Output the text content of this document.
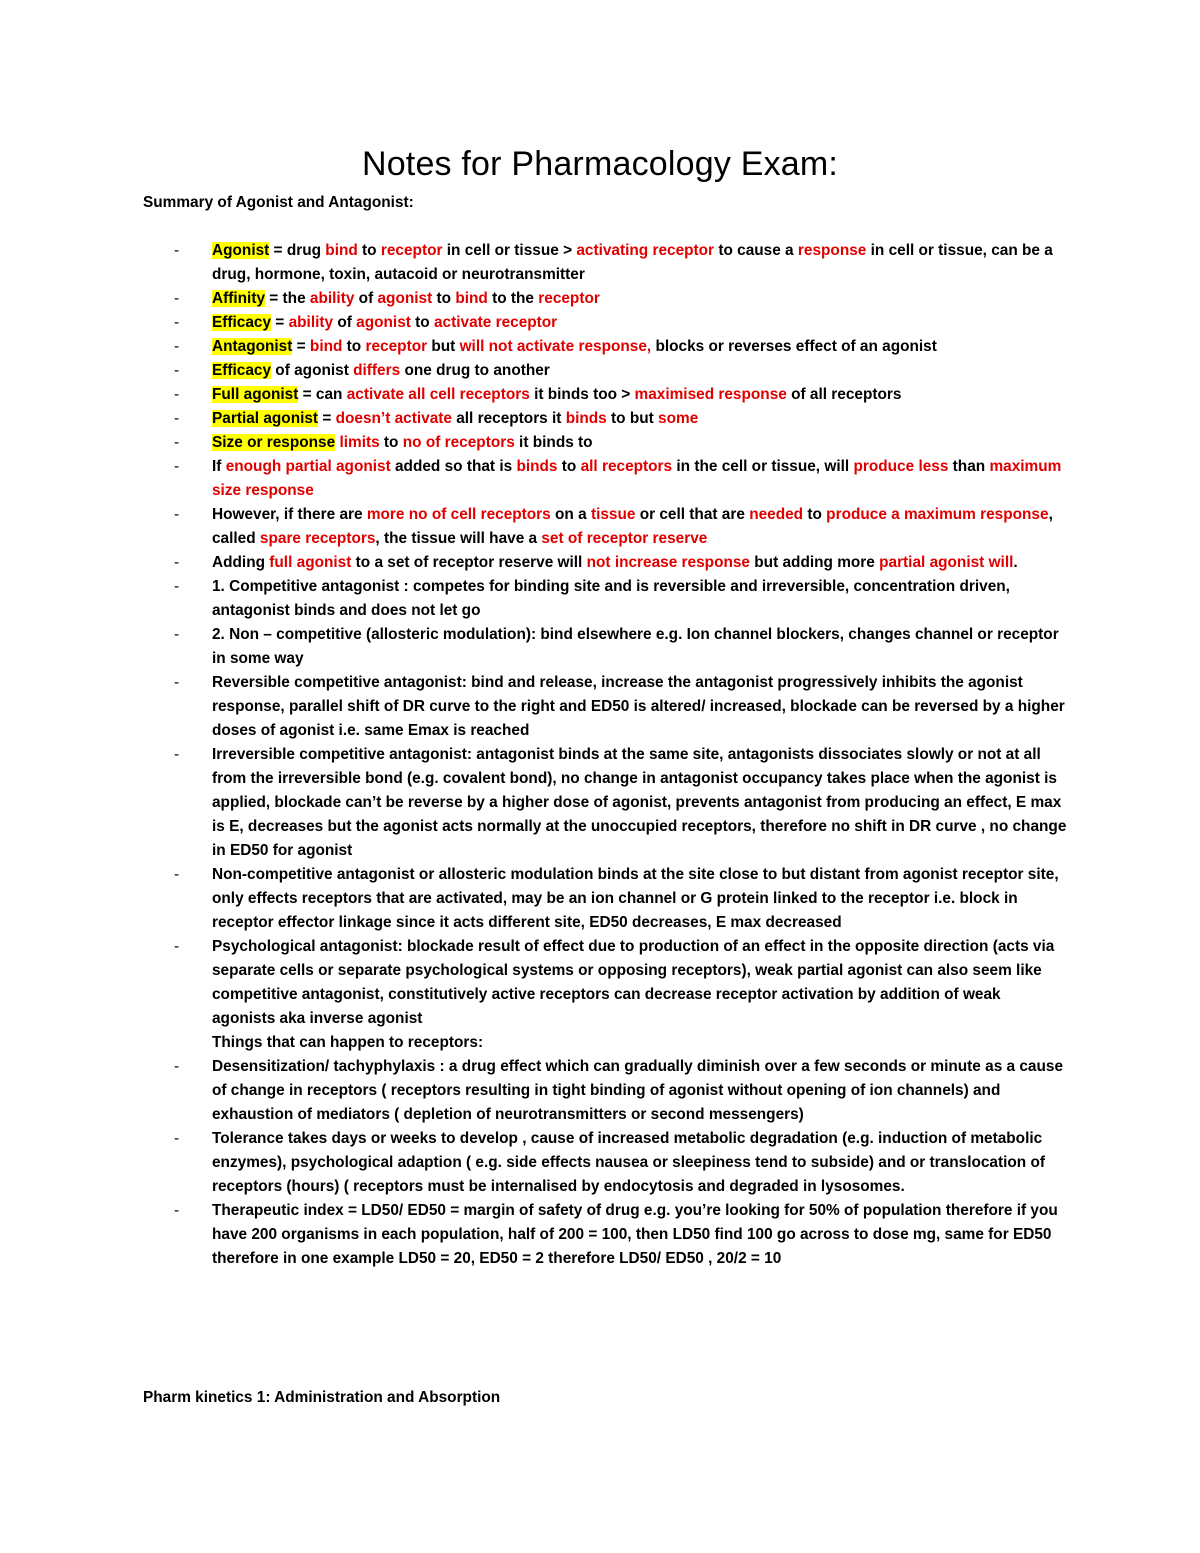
Notes for Pharmacology Exam:
Summary of Agonist and Antagonist:
- Agonist = drug bind to receptor in cell or tissue > activating receptor to cause a response in cell or tissue, can be a drug, hormone, toxin, autacoid or neurotransmitter
- Affinity = the ability of agonist to bind to the receptor
- Efficacy = ability of agonist to activate receptor
- Antagonist = bind to receptor but will not activate response, blocks or reverses effect of an agonist
- Efficacy of agonist differs one drug to another
- Full agonist = can activate all cell receptors it binds too > maximised response of all receptors
- Partial agonist = doesn’t activate all receptors it binds to but some
- Size or response limits to no of receptors it binds to
- If enough partial agonist added so that is binds to all receptors in the cell or tissue, will produce less than maximum size response
- However, if there are more no of cell receptors on a tissue or cell that are needed to produce a maximum response, called spare receptors, the tissue will have a set of receptor reserve
- Adding full agonist to a set of receptor reserve will not increase response but adding more partial agonist will.
- 1. Competitive antagonist : competes for binding site and is reversible and irreversible, concentration driven, antagonist binds and does not let go
- 2. Non – competitive (allosteric modulation): bind elsewhere e.g. Ion channel blockers, changes channel or receptor in some way
- Reversible competitive antagonist: bind and release, increase the antagonist progressively inhibits the agonist response, parallel shift of DR curve to the right and ED50 is altered/ increased, blockade can be reversed by a higher doses of agonist i.e. same Emax is reached
- Irreversible competitive antagonist: antagonist binds at the same site, antagonists dissociates slowly or not at all from the irreversible bond (e.g. covalent bond), no change in antagonist occupancy takes place when the agonist is applied, blockade can’t be reverse by a higher dose of agonist, prevents antagonist from producing an effect, E max is E, decreases but the agonist acts normally at the unoccupied receptors, therefore no shift in DR curve , no change in ED50 for agonist
- Non-competitive antagonist or allosteric modulation binds at the site close to but distant from agonist receptor site, only effects receptors that are activated, may be an ion channel or G protein linked to the receptor i.e. block in receptor effector linkage since it acts different site, ED50 decreases, E max decreased
- Psychological antagonist: blockade result of effect due to production of an effect in the opposite direction (acts via separate cells or separate psychological systems or opposing receptors), weak partial agonist can also seem like competitive antagonist, constitutively active receptors can decrease receptor activation by addition of weak agonists aka inverse agonist
Things that can happen to receptors:
- Desensitization/ tachyphylaxis : a drug effect which can gradually diminish over a few seconds or minute as a cause of change in receptors ( receptors resulting in tight binding of agonist without opening of ion channels) and exhaustion of mediators ( depletion of neurotransmitters or second messengers)
- Tolerance takes days or weeks to develop , cause of increased metabolic degradation (e.g. induction of metabolic enzymes), psychological adaption ( e.g. side effects nausea or sleepiness tend to subside) and or translocation of receptors (hours) ( receptors must be internalised by endocytosis and degraded in lysosomes.
- Therapeutic index = LD50/ ED50 = margin of safety of drug e.g. you’re looking for 50% of population therefore if you have 200 organisms in each population, half of 200 = 100, then LD50 find 100 go across to dose mg, same for ED50 therefore in one example LD50 = 20, ED50 = 2 therefore LD50/ ED50 , 20/2 = 10
Pharm kinetics 1: Administration and Absorption
